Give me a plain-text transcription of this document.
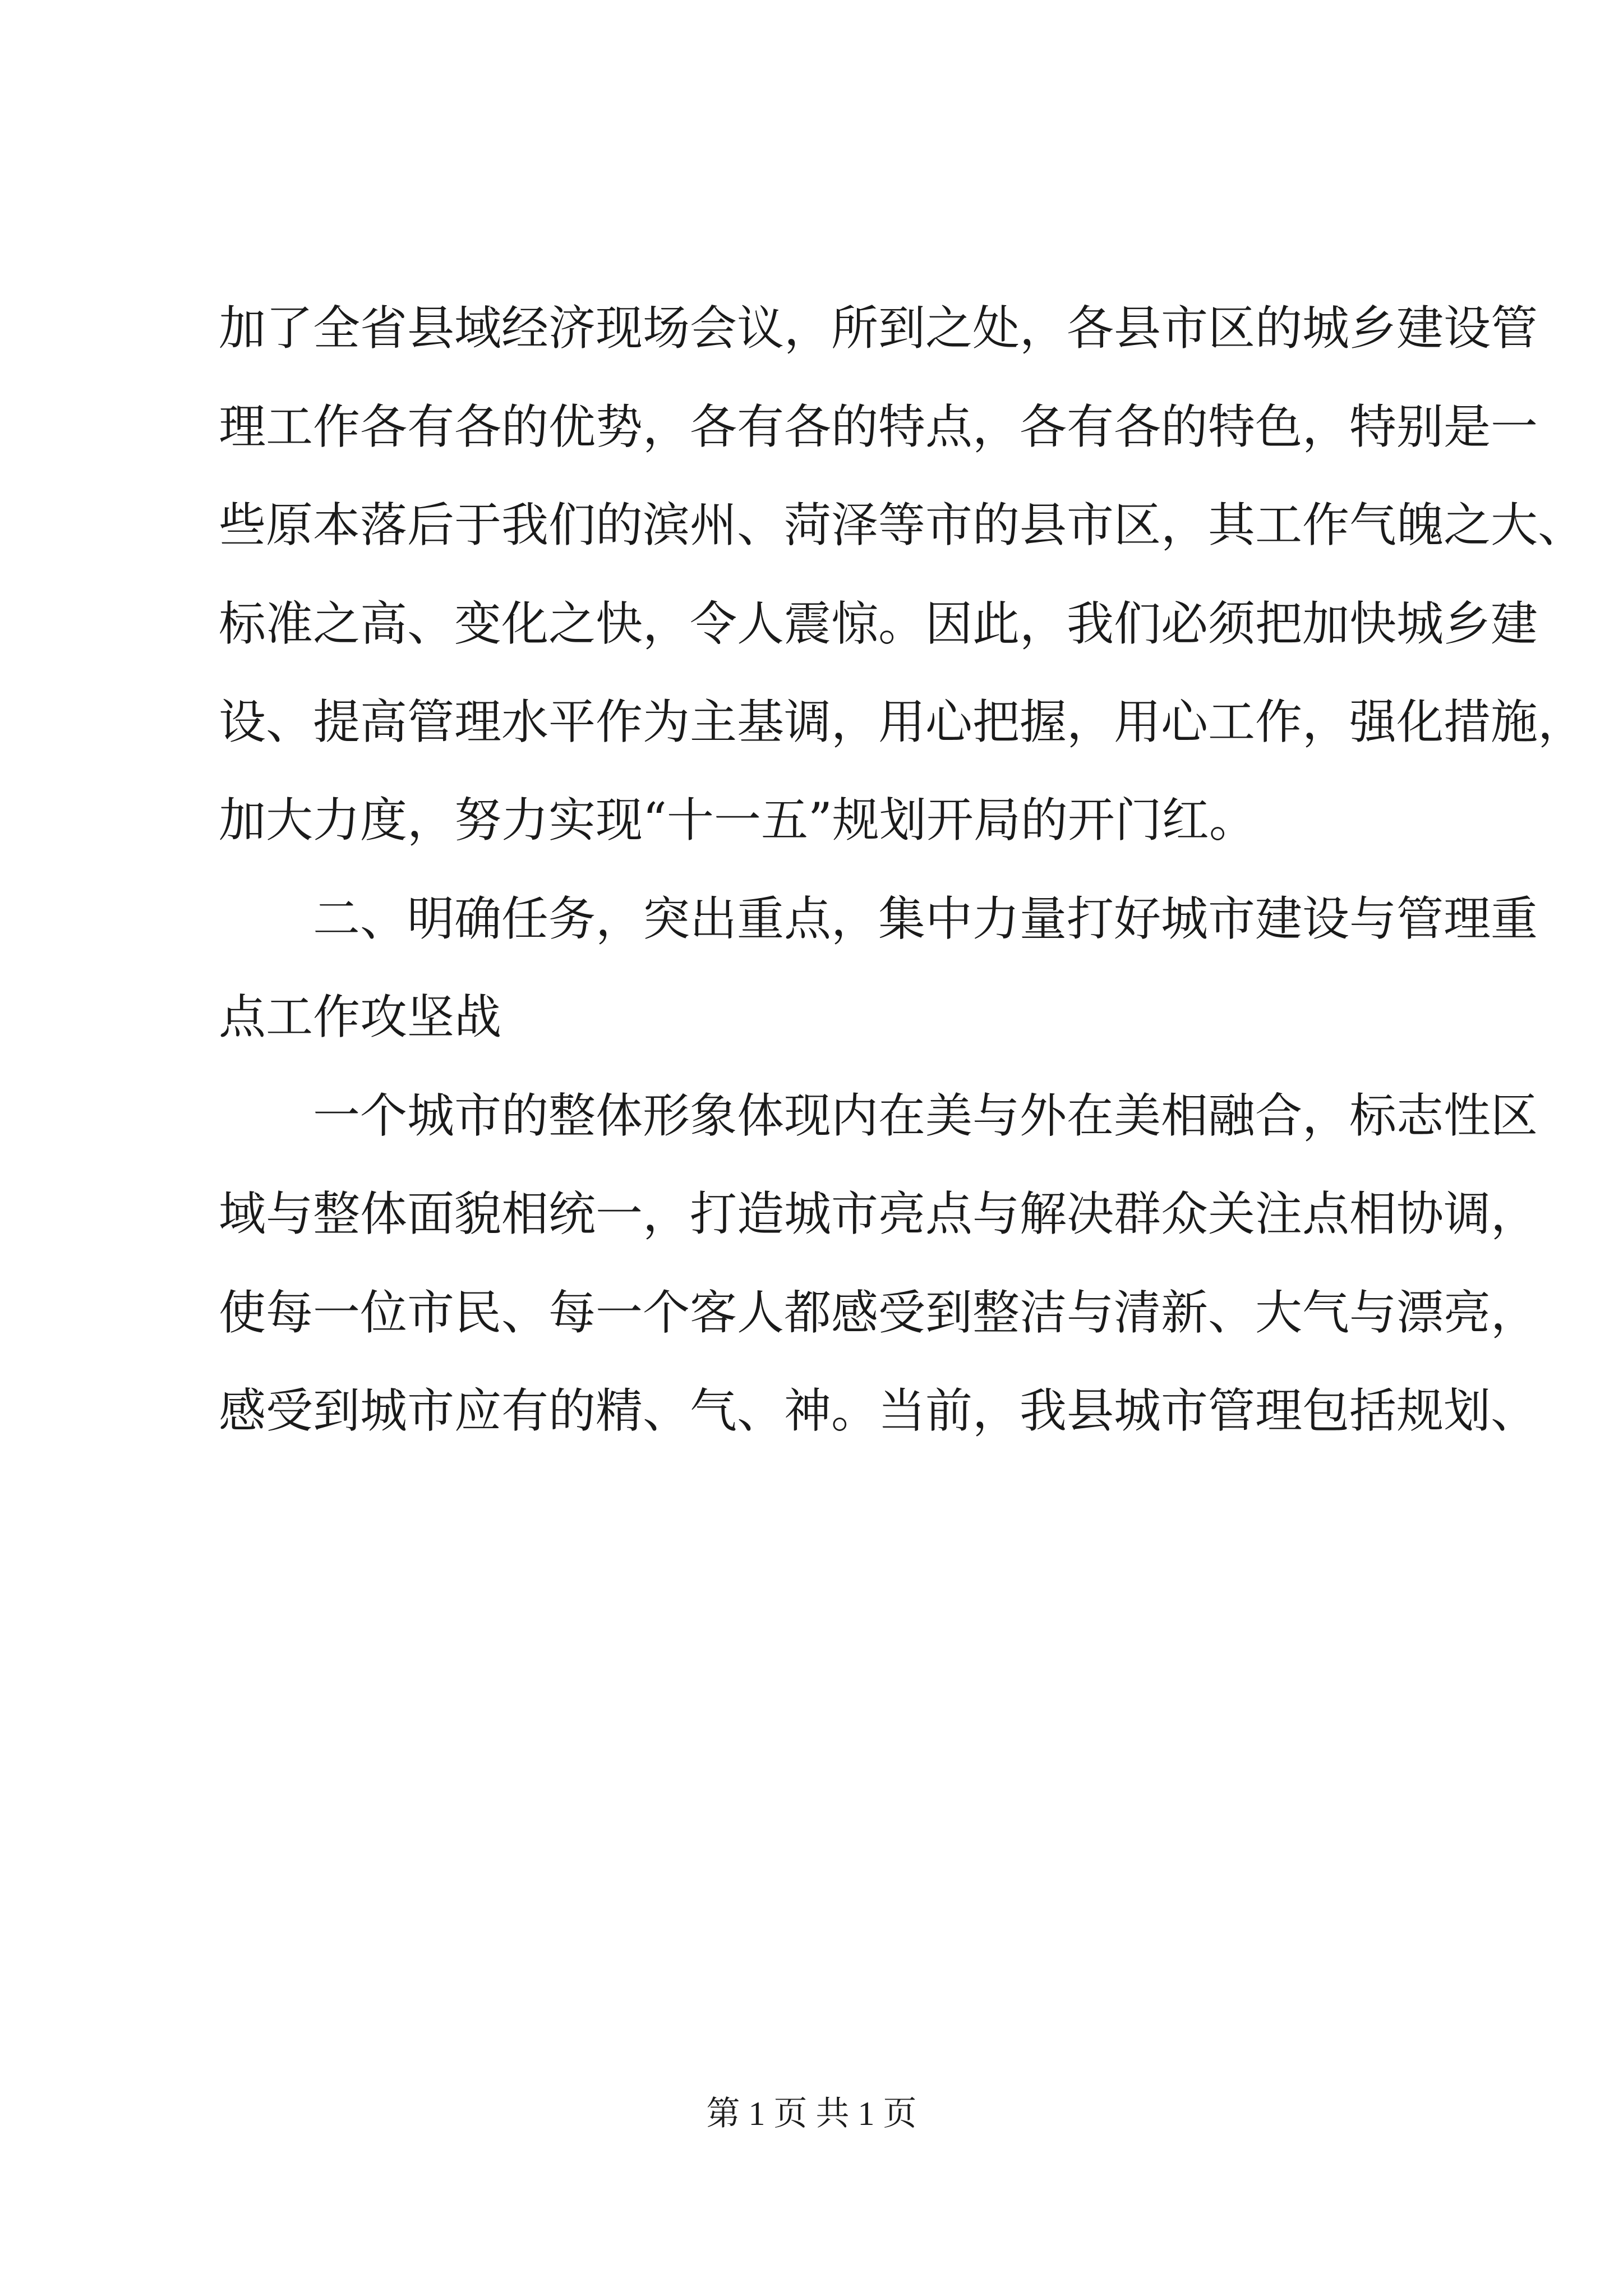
加了全省县域经济现场会议，所到之处，各县市区的城乡建设管

理工作各有各的优势，各有各的特点，各有各的特色，特别是一

些原本落后于我们的滨州、菏泽等市的县市区，其工作气魄之大、

标准之高、变化之快，令人震惊。因此，我们必须把加快城乡建

设、提高管理水平作为主基调，用心把握，用心工作，强化措施，

加大力度，努力实现“十一五”规划开局的开门红。

二、明确任务，突出重点，集中力量打好城市建设与管理重

点工作攻坚战

一个城市的整体形象体现内在美与外在美相融合，标志性区

域与整体面貌相统一，打造城市亮点与解决群众关注点相协调，

使每一位市民、每一个客人都感受到整洁与清新、大气与漂亮，

感受到城市应有的精、气、神。当前，我县城市管理包括规划、

第 1 页 共 1 页
